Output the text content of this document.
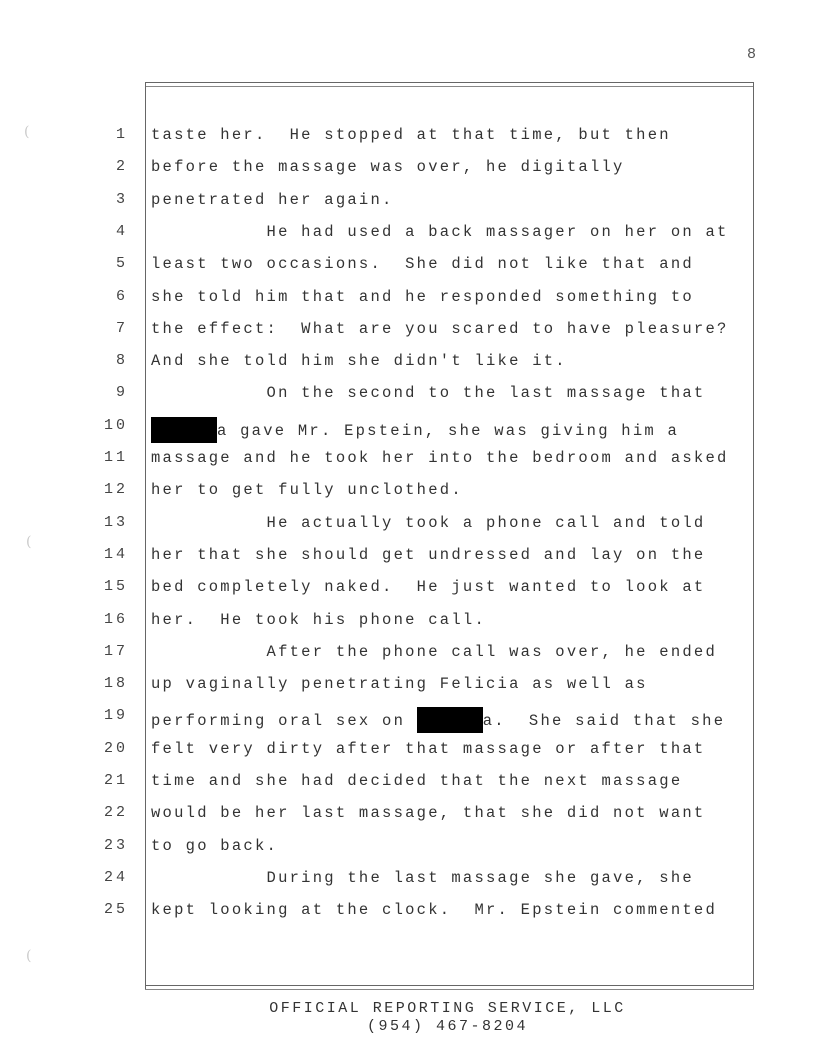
8
(
(
(
1 taste her.  He stopped at that time, but then
2 before the massage was over, he digitally
3 penetrated her again.
4 He had used a back massager on her on at
5 least two occasions.  She did not like that and
6 she told him that and he responded something to
7 the effect:  What are you scared to have pleasure?
8 And she told him she didn't like it.
9 On the second to the last massage that
10	a gave Mr. Epstein, she was giving him a
11 massage and he took her into the bedroom and asked
12 her to get fully unclothed.
13 He actually took a phone call and told
14 her that she should get undressed and lay on the
15 bed completely naked.  He just wanted to look at
16 her.  He took his phone call.
17 After the phone call was over, he ended
18 up vaginally penetrating Felicia as well as
19 performing oral sex on	a.  She said that she
20 felt very dirty after that massage or after that
21 time and she had decided that the next massage
22 would be her last massage, that she did not want
23 to go back.
24 During the last massage she gave, she
25 kept looking at the clock.  Mr. Epstein commented
OFFICIAL REPORTING SERVICE, LLC
(954) 467-8204
